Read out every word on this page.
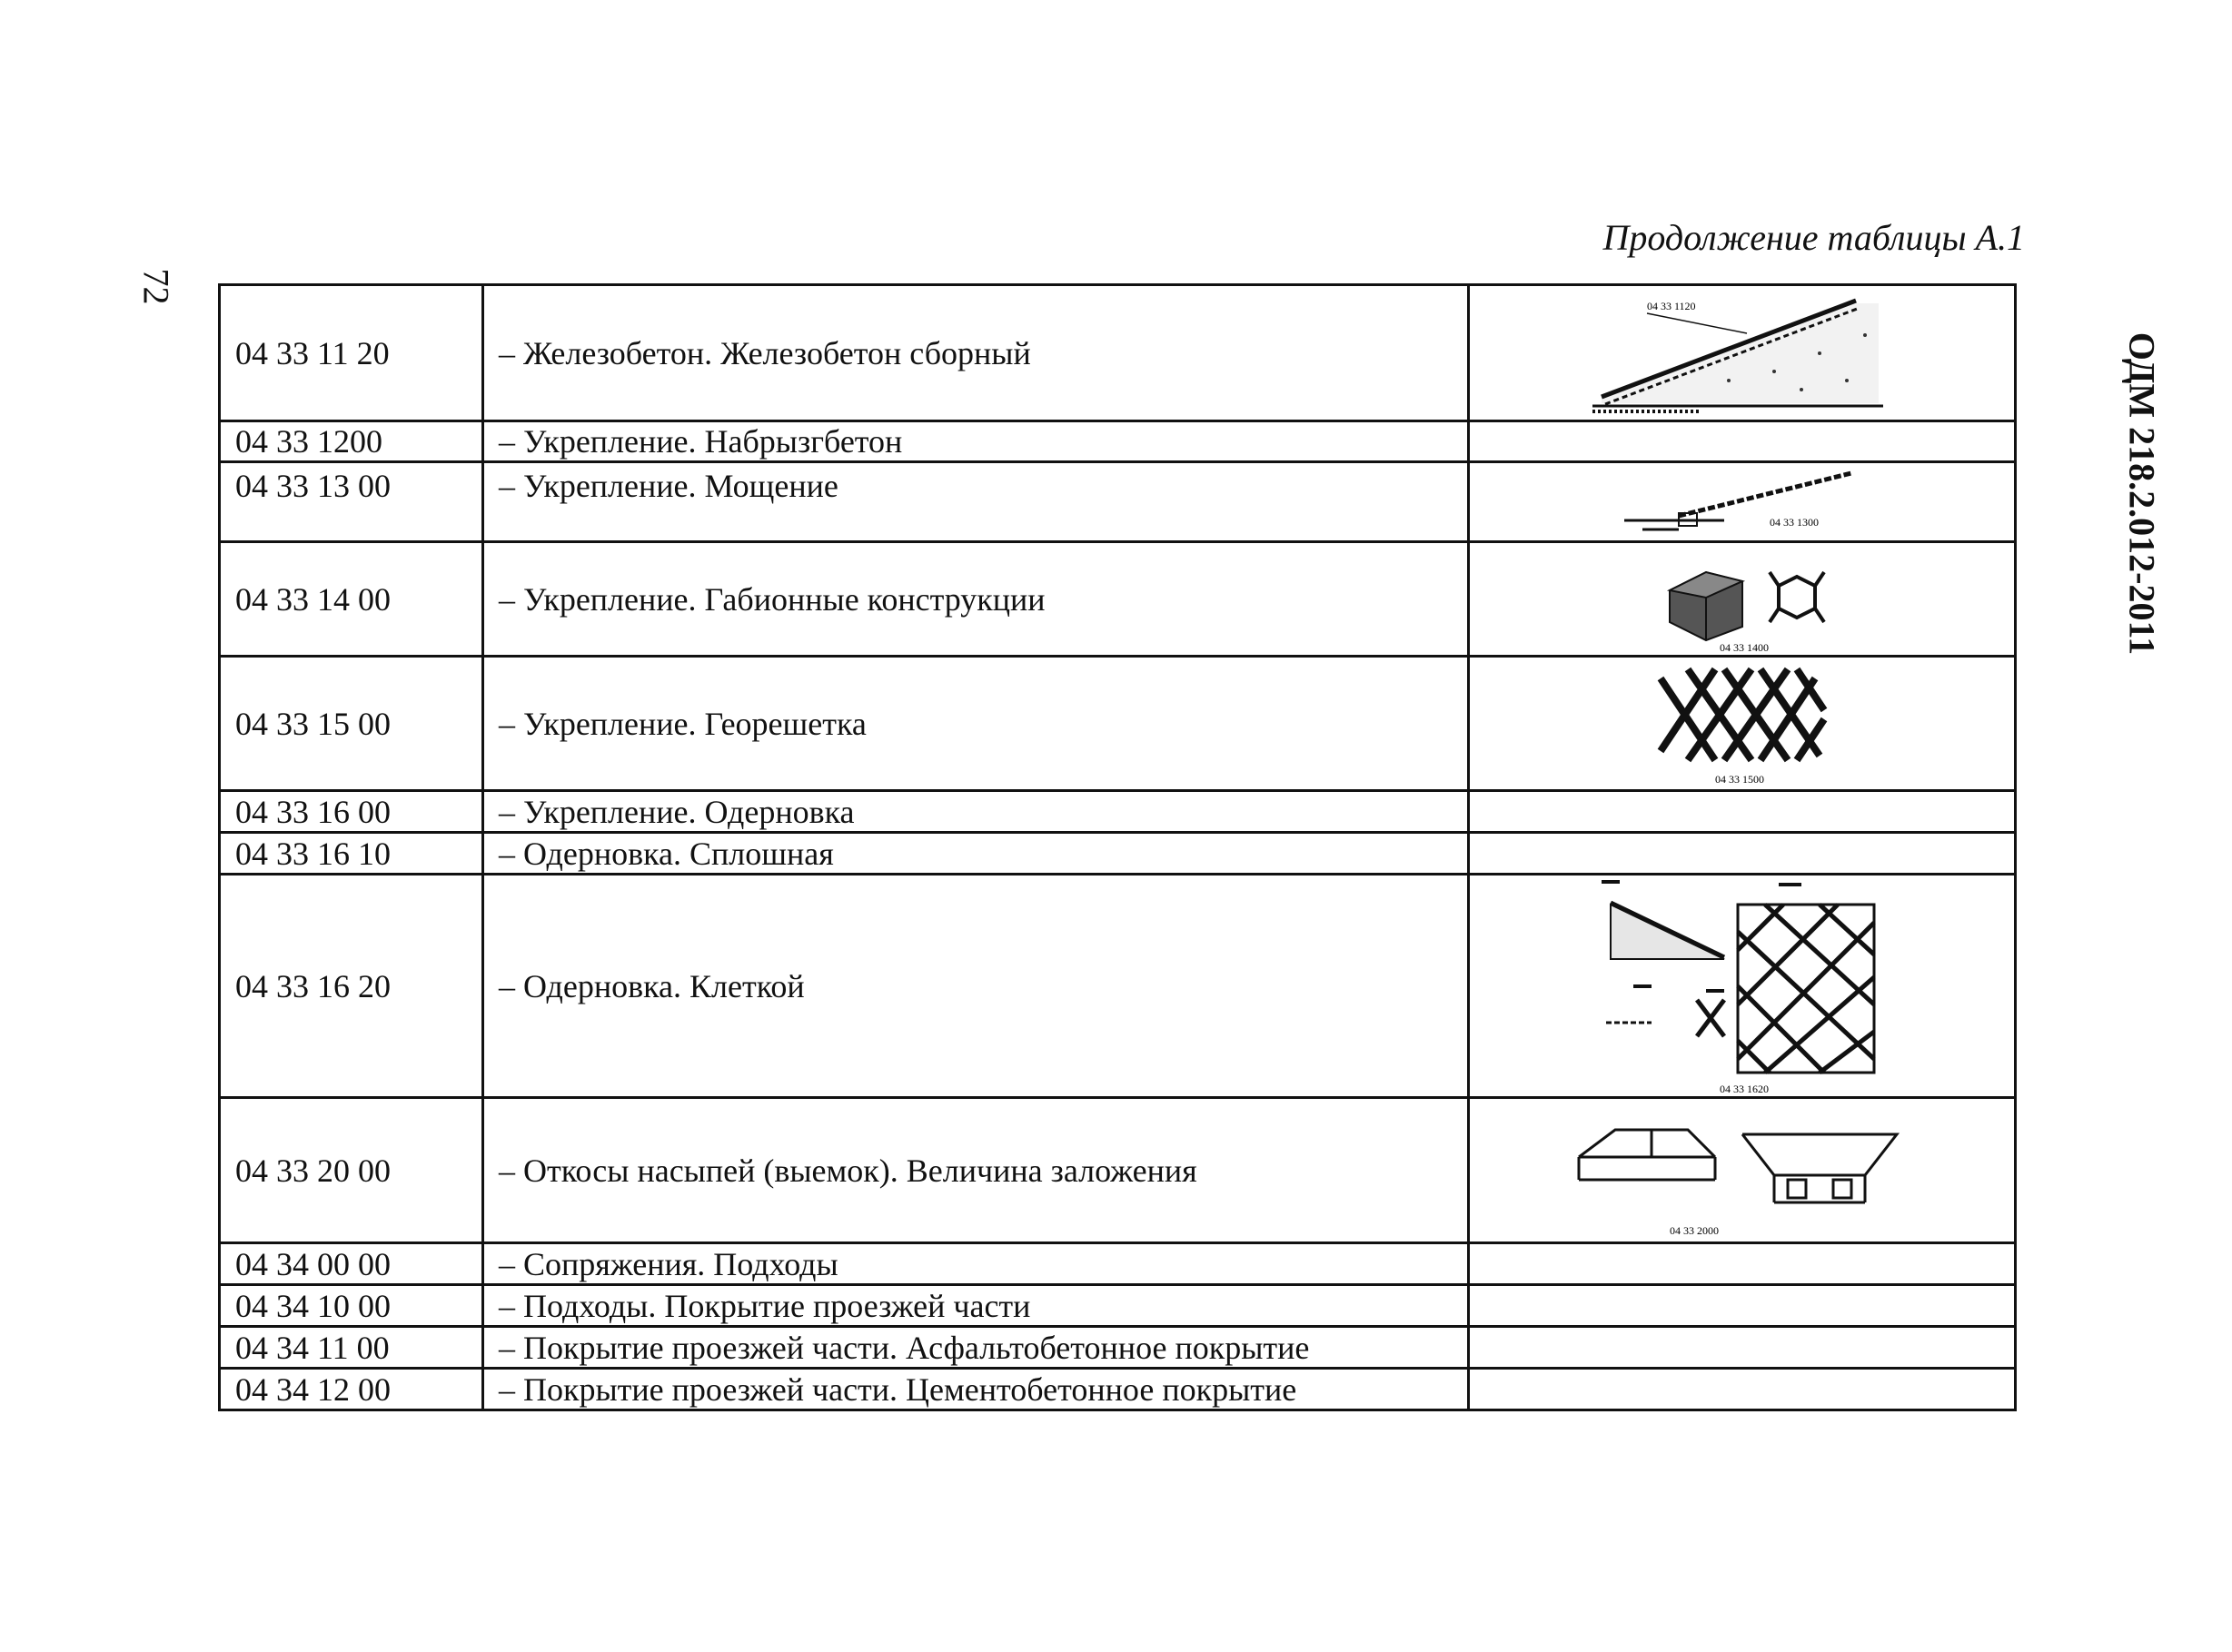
Продолжение таблицы А.1
72
ОДМ 218.2.012-2011
04 33 11 20	– Железобетон. Железобетон сборный	04 33 1120

04 33 1200	– Укрепление. Набрызгбетон	
04 33 13 00	– Укрепление. Мощение	04 33 1300

04 33 14 00	– Укрепление. Габионные конструкции	04 33 1400

04 33 15 00	– Укрепление. Георешетка	04 33 1500

04 33 16 00	– Укрепление. Одерновка	
04 33 16 10	– Одерновка. Сплошная	
04 33 16 20	– Одерновка. Клеткой	04 33 1620

04 33 20 00	– Откосы насыпей (выемок). Величина заложения	04 33 2000

04 34 00 00	– Сопряжения. Подходы	
04 34 10 00	– Подходы. Покрытие проезжей части	
04 34 11 00	– Покрытие проезжей части. Асфальтобетонное покрытие	
04 34 12 00	– Покрытие проезжей части. Цементобетонное покрытие	
